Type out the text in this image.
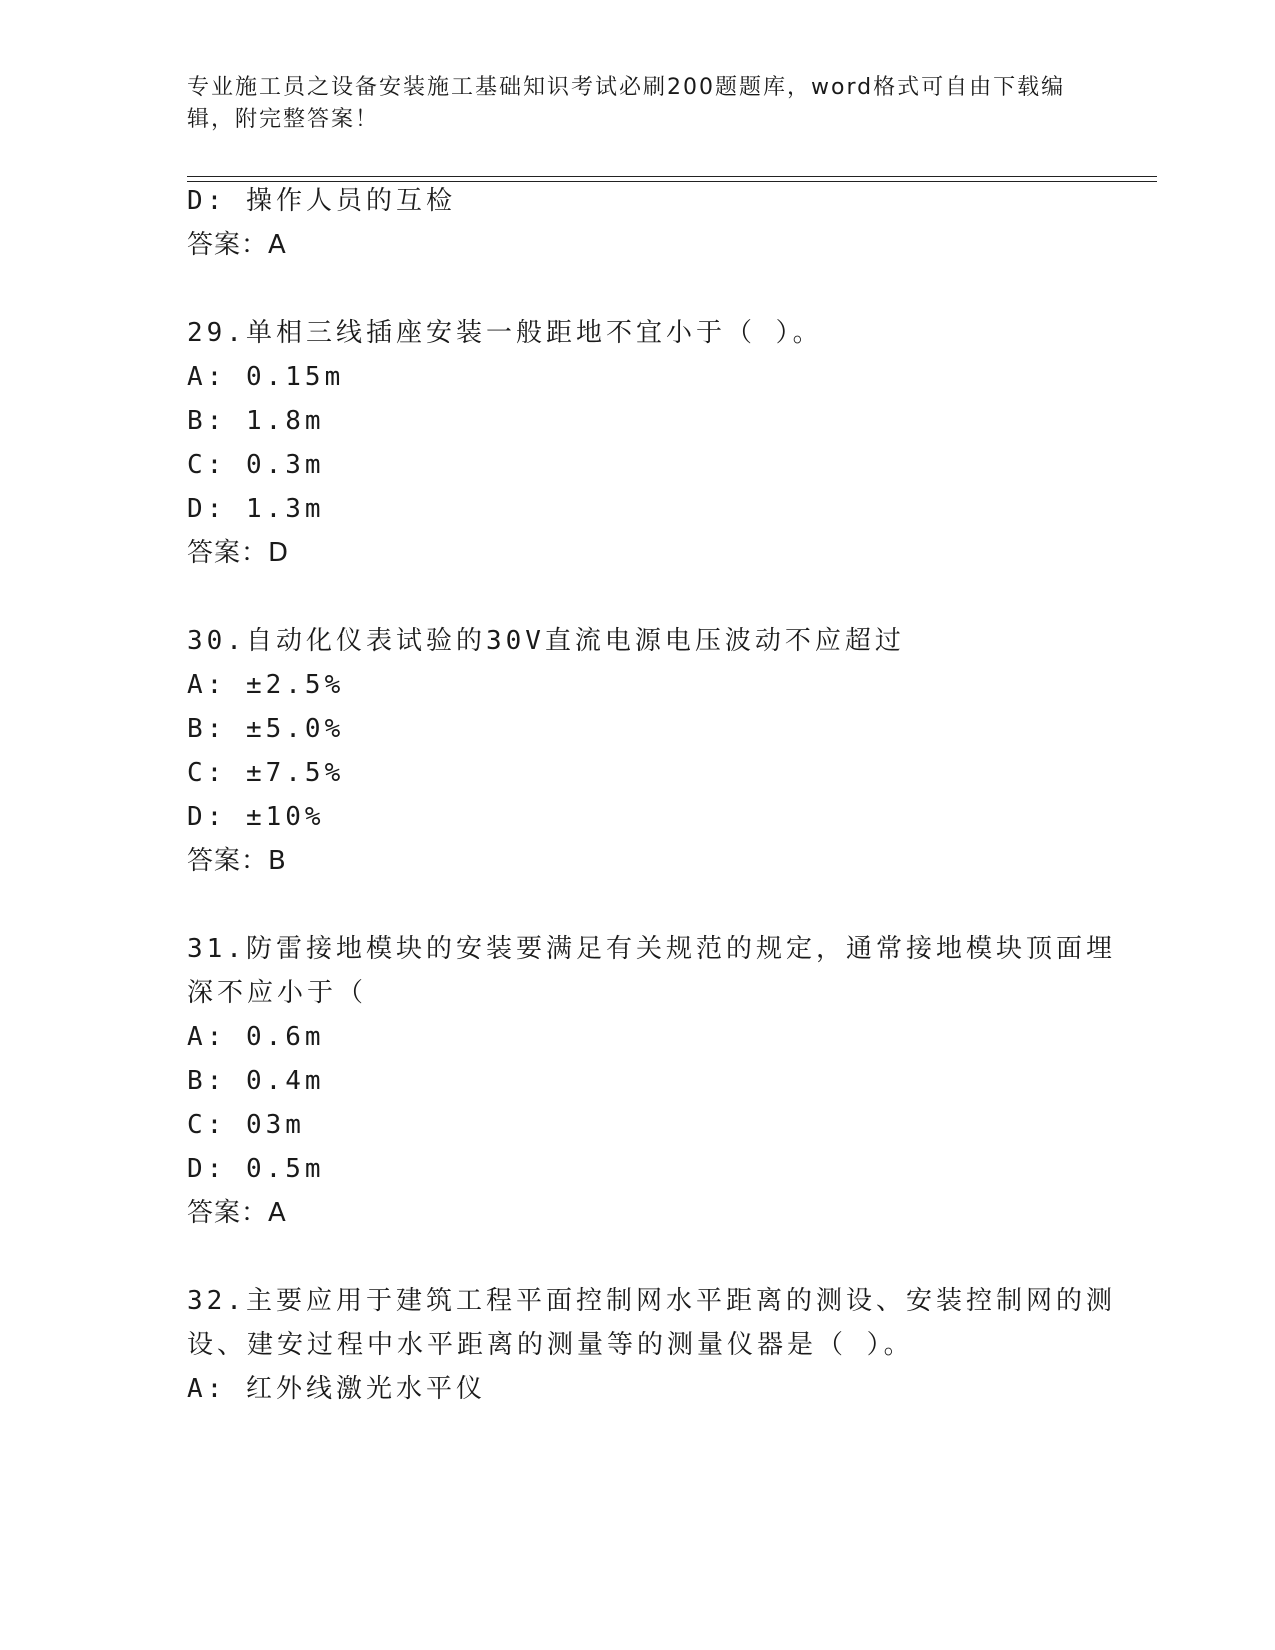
专业施工员之设备安装施工基础知识考试必刷200题题库，word格式可自由下载编辑，附完整答案！
D: 操作人员的互检
答案：A
29.单相三线插座安装一般距地不宜小于（ ）。
A: 0.15m
B: 1.8m
C: 0.3m
D: 1.3m
答案：D
30.自动化仪表试验的30V直流电源电压波动不应超过
A: ±2.5%
B: ±5.0%
C: ±7.5%
D: ±10%
答案：B
31.防雷接地模块的安装要满足有关规范的规定，通常接地模块顶面埋
深不应小于（
A: 0.6m
B: 0.4m
C: 03m
D: 0.5m
答案：A
32.主要应用于建筑工程平面控制网水平距离的测设、安装控制网的测
设、建安过程中水平距离的测量等的测量仪器是（ ）。
A: 红外线激光水平仪
